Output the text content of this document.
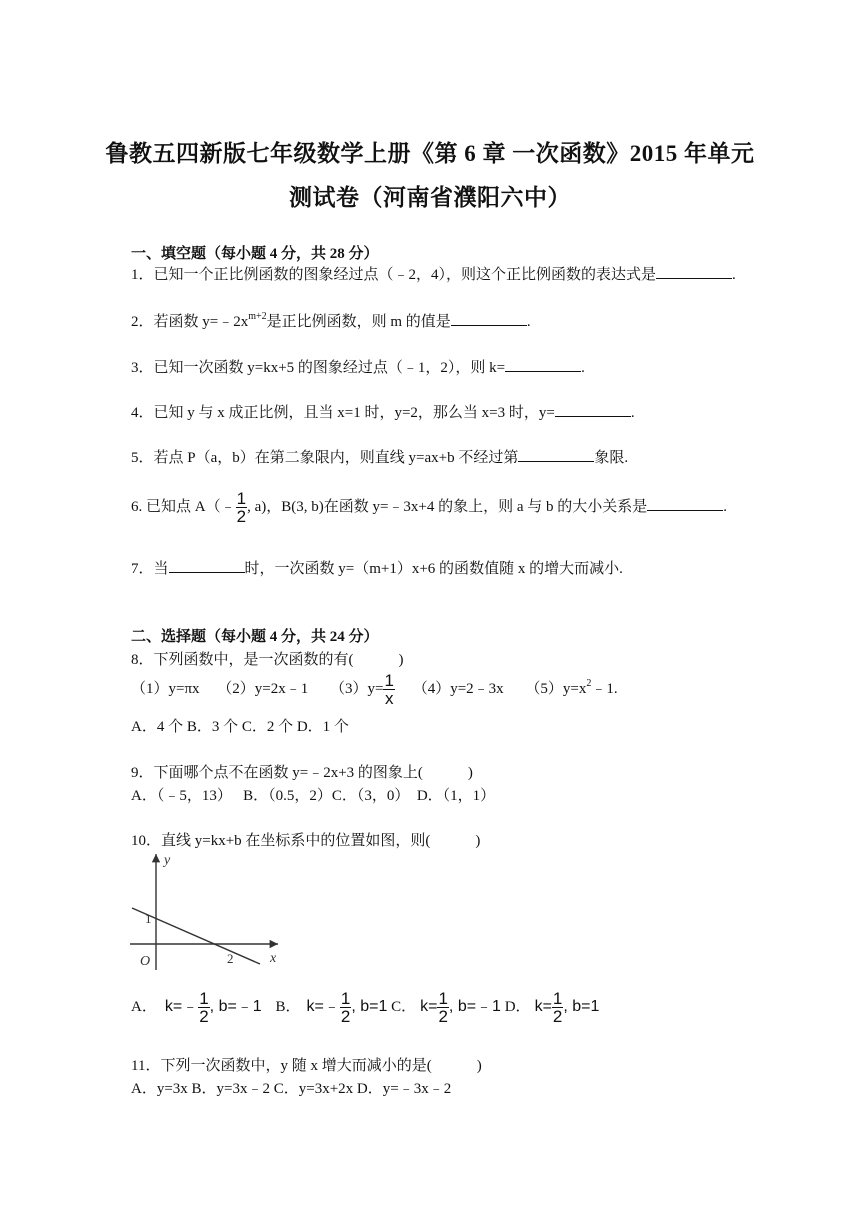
鲁教五四新版七年级数学上册《第 6 章 一次函数》2015 年单元
测试卷（河南省濮阳六中）
一、填空题（每小题 4 分，共 28 分）
1．已知一个正比例函数的图象经过点（﹣2，4），则这个正比例函数的表达式是	.
2．若函数 $y=﹣2x^{m+2}$是正比例函数，则 m 的值是	.
3．已知一次函数 y=kx+5 的图象经过点（﹣1，2），则 k=	.
4．已知 y 与 x 成正比例，且当 x=1 时，y=2，那么当 x=3 时，y=	.
5．若点 P（a，b）在第二象限内，则直线 y=ax+b 不经过第	象限.
6. 已知点 A（﹣ $\frac{1}{2}$ , a)，B(3, b)在函数 y=﹣3x+4 的象上，则 a 与 b 的大小关系是	.
7．当	时，一次函数 y=（m+1）x+6 的函数值随 x 的增大而减小.
二、选择题（每小题 4 分，共 24 分）
8．下列函数中，是一次函数的有(　　　)
（1）y=πx （2）y=2x﹣1 $(3)y= \frac{1}{x}$ （4）y=2﹣3x $(5)y=x^2﹣1$.
A．4 个 B．3 个 C．2 个 D．1 个
9．下面哪个点不在函数 y=﹣2x+3 的图象上(　　　)
A．（﹣5，13）　 B．（0.5，2）C．（3，0）　D．（1，1）
10．直线 y=kx+b 在坐标系中的位置如图，则(　　　)
y
x
O
1
2
A． k=﹣ $\frac{1}{2}$ , b=﹣1 B． k=﹣ $\frac{1}{2}$ , b=1 C． $k= \frac{1}{2}$ , b=﹣1 D． $k= \frac{1}{2}$ , b=1
11．下列一次函数中，y 随 x 增大而减小的是(　　　)
A．y=3x B．y=3x﹣2 C．y=3x+2x D．y=﹣3x﹣2
